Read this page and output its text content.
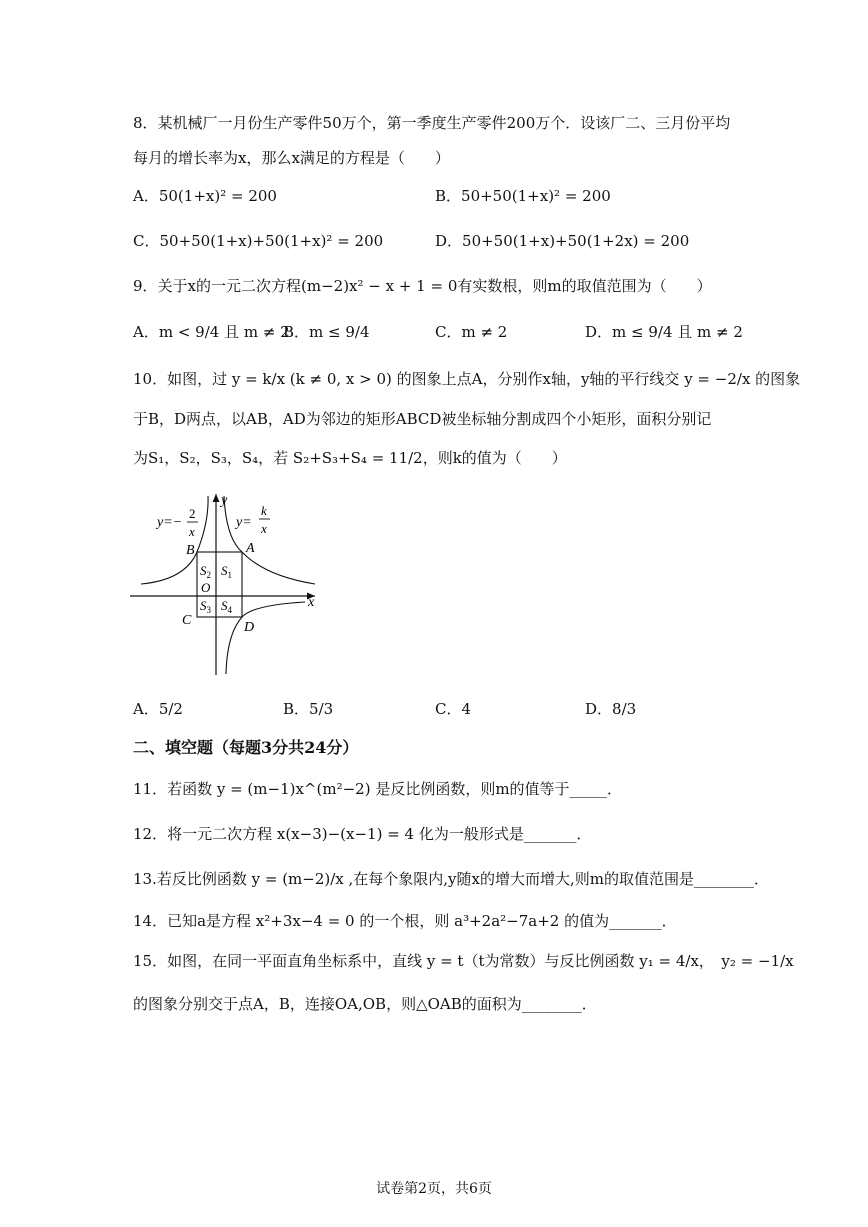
8．某机械厂一月份生产零件50万个，第一季度生产零件200万个．设该厂二、三月份平均
每月的增长率为x，那么x满足的方程是（　　）
A．50(1+x)² = 200	B．50+50(1+x)² = 200
C．50+50(1+x)+50(1+x)² = 200	D．50+50(1+x)+50(1+2x) = 200
9．关于x的一元二次方程(m−2)x² − x + 1 = 0有实数根，则m的取值范围为（　　）
A．m < 9/4 且 m ≠ 2
B．m ≤ 9/4	C．m ≠ 2	D．m ≤ 9/4 且 m ≠ 2
10．如图，过 y = k/x (k ≠ 0, x > 0) 的图象上点A，分别作x轴，y轴的平行线交 y = −2/x 的图象
于B，D两点，以AB，AD为邻边的矩形ABCD被坐标轴分割成四个小矩形，面积分别记
为S₁，S₂，S₃，S₄，若 S₂+S₃+S₄ = 11/2，则k的值为（　　）
y=−
2
x
y=
k
x
y
x
B	A
C	D
O
$S_2$ $S_1$
$S_3$ $S_4$
A．5/2	B．5/3	C．4	D．8/3
二、填空题（每题3分共24分）
11．若函数 y = (m−1)x^(m²−2) 是反比例函数，则m的值等于_____．
12．将一元二次方程 x(x−3)−(x−1) = 4 化为一般形式是_______．
13.若反比例函数 y = (m−2)/x ,在每个象限内,y随x的增大而增大,则m的取值范围是________．
14．已知a是方程 x²+3x−4 = 0 的一个根，则 a³+2a²−7a+2 的值为_______．
15．如图，在同一平面直角坐标系中，直线 y = t（t为常数）与反比例函数 y₁ = 4/x，　y₂ = −1/x
的图象分别交于点A，B，连接OA,OB，则△OAB的面积为________．
试卷第2页，共6页
